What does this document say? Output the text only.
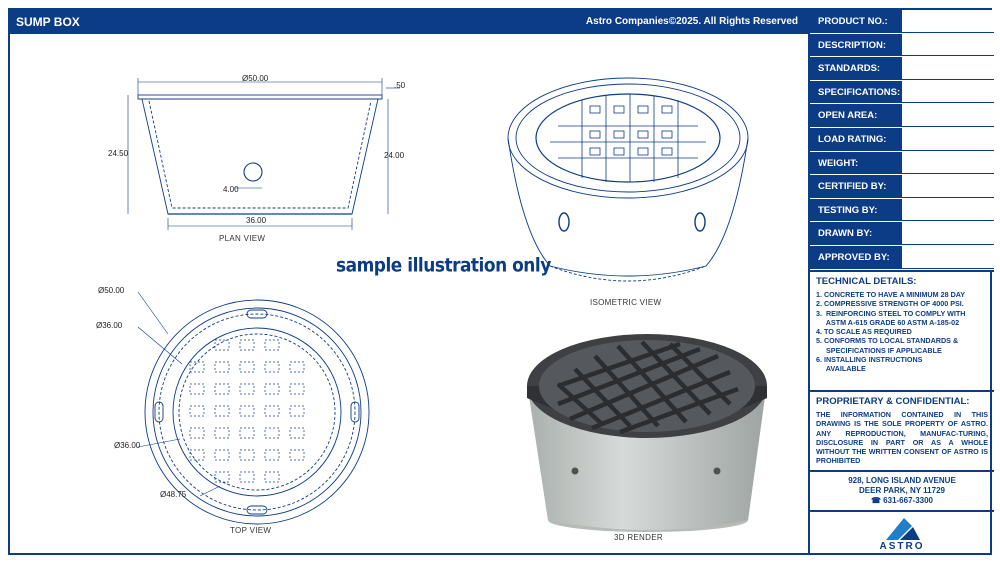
SUMP BOX	Astro Companies©2025. All Rights Reserved
PLAN VIEW
TOP VIEW
ISOMETRIC VIEW
3D RENDER
Ø50.00
.50
24.50	24.00
4.00
36.00
Ø50.00
Ø36.00
Ø36.00
Ø48.75
sample illustration only
PRODUCT NO.:
DESCRIPTION:
STANDARDS:
SPECIFICATIONS:
OPEN AREA:
LOAD RATING:
WEIGHT:
CERTIFIED BY:
TESTING BY:
DRAWN BY:
APPROVED BY:
TECHNICAL DETAILS:
1. CONCRETE TO HAVE A MINIMUM 28 DAY
2. COMPRESSIVE STRENGTH OF 4000 PSI.
3.  REINFORCING STEEL TO COMPLY WITH
ASTM A-615 GRADE 60 ASTM A-185-02
4. TO SCALE AS REQUIRED
5. CONFORMS TO LOCAL STANDARDS &
SPECIFICATIONS IF APPLICABLE
6. INSTALLING INSTRUCTIONS
AVAILABLE
PROPRIETARY & CONFIDENTIAL:

THE INFORMATION CONTAINED IN THIS DRAWING IS THE SOLE PROPERTY OF ASTRO. ANY REPRODUCTION, MANUFAC-TURING, DISCLOSURE IN PART OR AS A WHOLE WITHOUT THE WRITTEN CONSENT OF ASTRO IS PROHIBITED

928, LONG ISLAND AVENUE
DEER PARK, NY 11729
☎ 631-667-3300
ASTRO
